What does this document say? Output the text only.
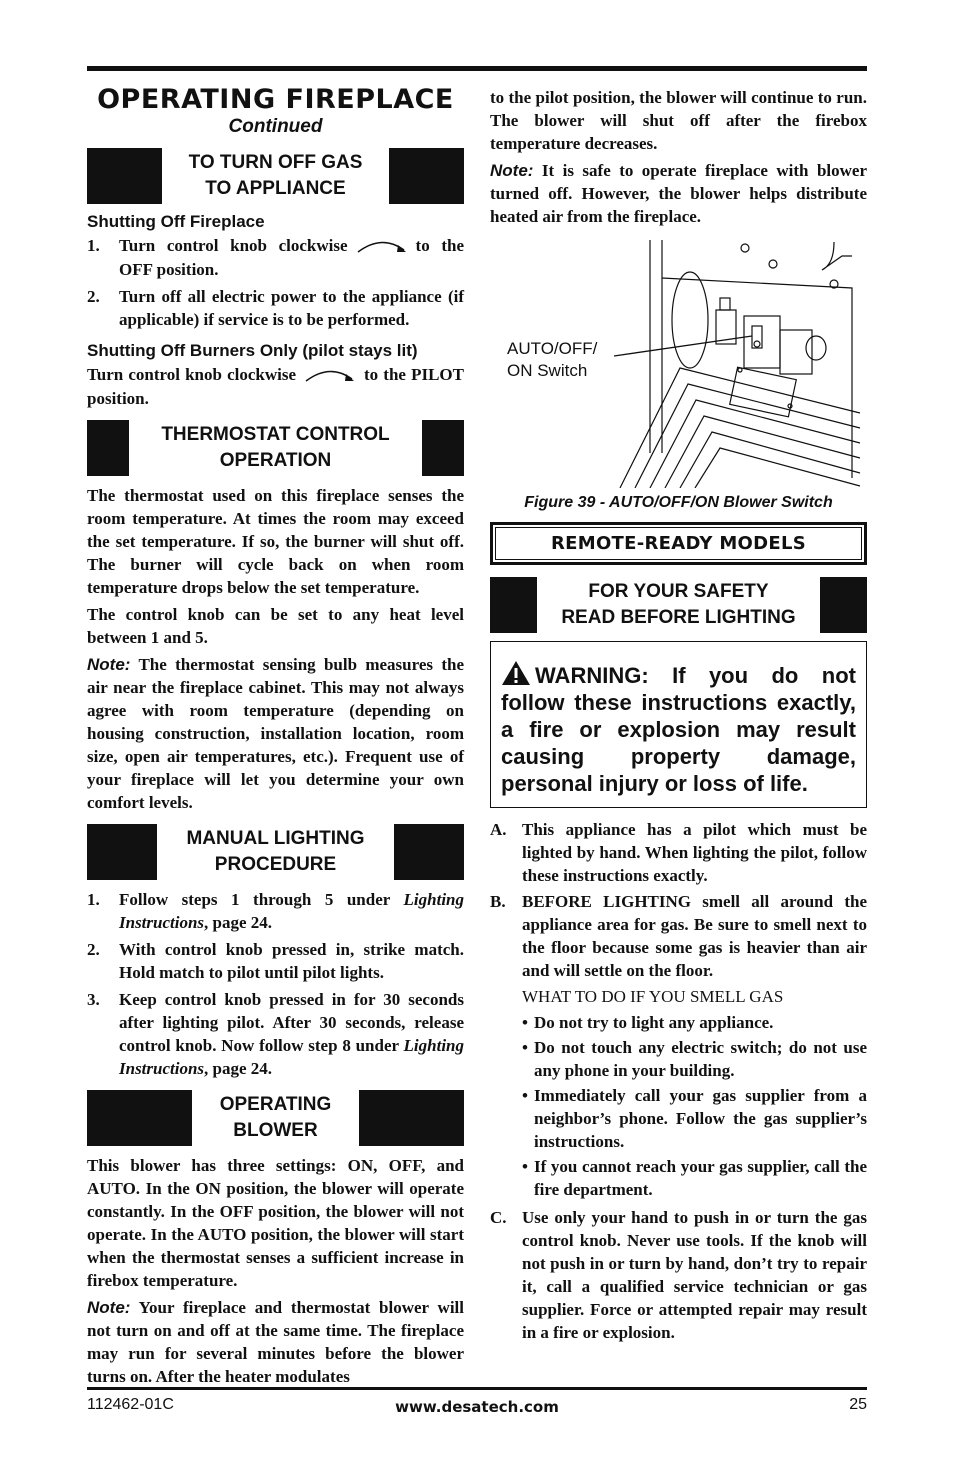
OPERATING FIREPLACE
Continued
TO TURN OFF GAS
TO APPLIANCE
Shutting Off Fireplace
1.	Turn control knob clockwise	to the OFF position.
2.	Turn off all electric power to the appliance (if applicable) if service is to be performed.
Shutting Off Burners Only (pilot stays lit)
Turn control knob clockwise	to the PILOT position.
THERMOSTAT CONTROL
OPERATION
The thermostat used on this fireplace senses the room temperature. At times the room may exceed the set temperature. If so, the burner will shut off. The burner will cycle back on when room temperature drops below the set temperature.
The control knob can be set to any heat level between 1 and 5.
Note: The thermostat sensing bulb measures the air near the fireplace cabinet. This may not always agree with room temperature (depending on housing construction, installation location, room size, open air temperatures, etc.). Frequent use of your fireplace will let you determine your own comfort levels.
MANUAL LIGHTING
PROCEDURE
1.	Follow steps 1 through 5 under Lighting Instructions, page 24.
2.	With control knob pressed in, strike match. Hold match to pilot until pilot lights.
3.	Keep control knob pressed in for 30 seconds after lighting pilot. After 30 seconds, release control knob. Now follow step 8 under Lighting Instructions, page 24.
OPERATING
BLOWER
This blower has three settings: ON, OFF, and AUTO. In the ON position, the blower will operate constantly. In the OFF position, the blower will not operate. In the AUTO position, the blower will start when the thermostat senses a sufficient increase in firebox temperature.
Note: Your fireplace and thermostat blower will not turn on and off at the same time. The fireplace may run for several minutes before the blower turns on. After the heater modulates
to the pilot position, the blower will continue to run. The blower will shut off after the firebox temperature decreases.
Note: It is safe to operate fireplace with blower turned off. However, the blower helps distribute heated air from the fireplace.
AUTO/OFF/
ON Switch
Figure 39 - AUTO/OFF/ON Blower Switch
REMOTE-READY MODELS
FOR YOUR SAFETY
READ BEFORE LIGHTING
WARNING: If you do not follow these instructions exactly, a fire or explosion may result causing property damage, personal injury or loss of life.
A. This appliance has a pilot which must be lighted by hand. When lighting the pilot, follow these instructions exactly.
B. BEFORE LIGHTING smell all around the appliance area for gas. Be sure to smell next to the floor because some gas is heavier than air and will settle on the floor.
WHAT TO DO IF YOU SMELL GAS
• Do not try to light any appliance.
• Do not touch any electric switch; do not use any phone in your building.
• Immediately call your gas supplier from a neighbor’s phone. Follow the gas supplier’s instructions.
• If you cannot reach your gas supplier, call the fire department.
C. Use only your hand to push in or turn the gas control knob. Never use tools. If the knob will not push in or turn by hand, don’t try to repair it, call a qualified service technician or gas supplier. Force or attempted repair may result in a fire or explosion.
112462-01C	www.desatech.com	25
